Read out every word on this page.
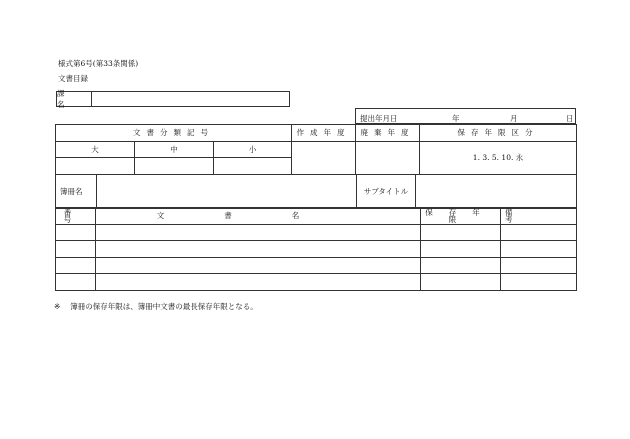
様式第6号(第33条関係)
文書目録
課 名
提出年月日	年	月	日
文書分類記号			作成年度	廃棄年度	保存年限区分
大	中	小			1. 3. 5. 10. 永

簿冊名 サブタイトル					
番号	文書名	保存年限	備考

※ 簿冊の保存年限は、簿冊中文書の最長保存年限となる。
